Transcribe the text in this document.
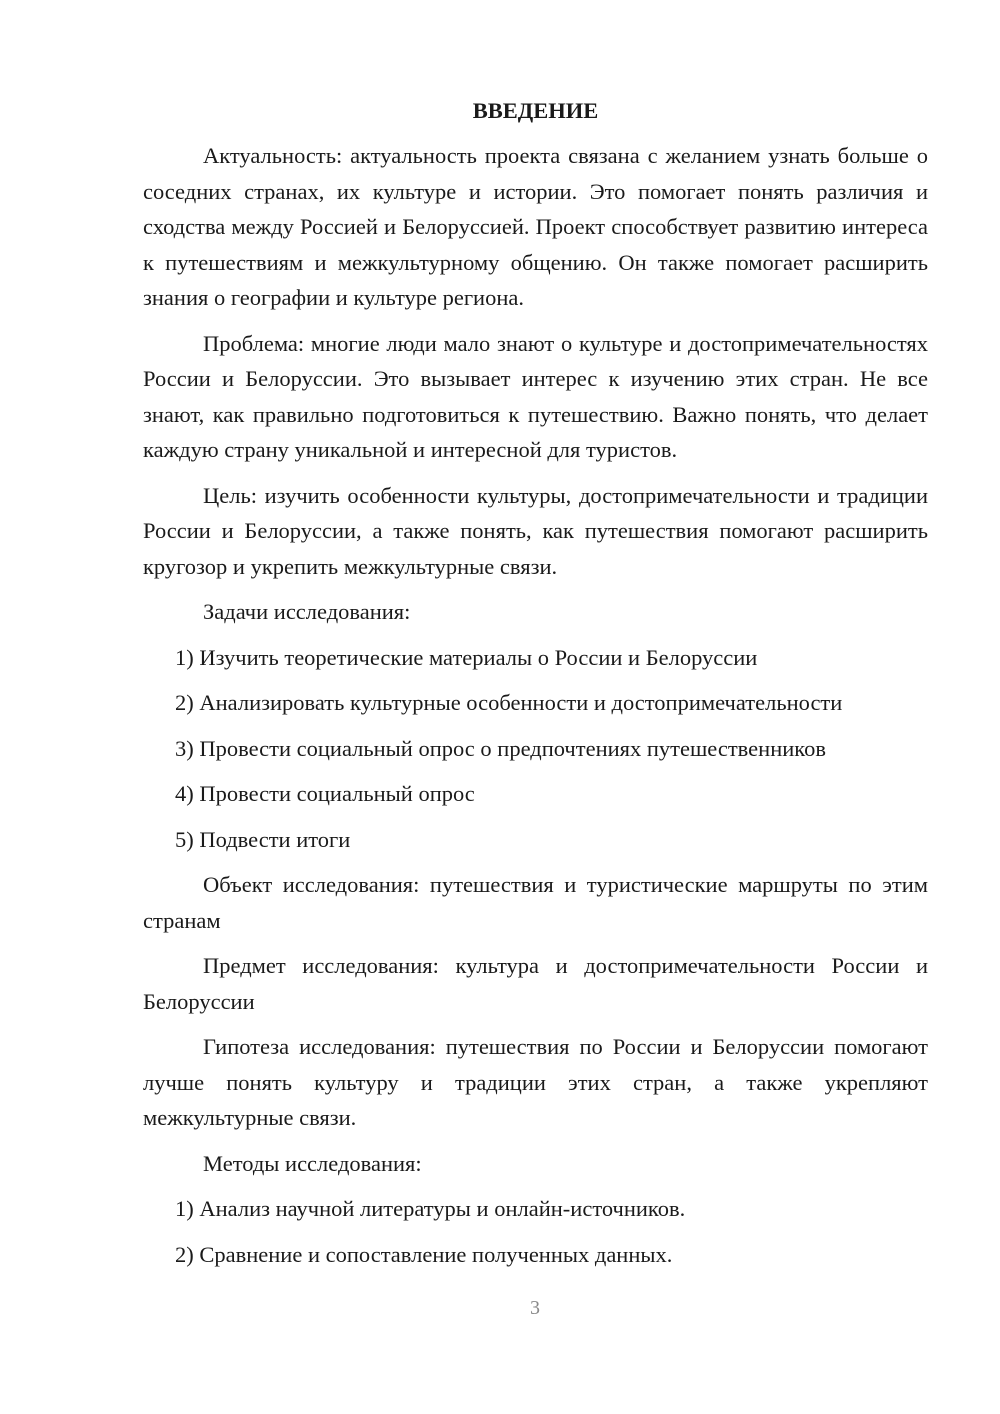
ВВЕДЕНИЕ

Актуальность: актуальность проекта связана с желанием узнать больше о соседних странах, их культуре и истории. Это помогает понять различия и сходства между Россией и Белоруссией. Проект способствует развитию интереса к путешествиям и межкультурному общению. Он также помогает расширить знания о географии и культуре региона.

Проблема: многие люди мало знают о культуре и достопримечательностях России и Белоруссии. Это вызывает интерес к изучению этих стран. Не все знают, как правильно подготовиться к путешествию. Важно понять, что делает каждую страну уникальной и интересной для туристов.

Цель: изучить особенности культуры, достопримечательности и традиции России и Белоруссии, а также понять, как путешествия помогают расширить кругозор и укрепить межкультурные связи.

Задачи исследования:

1) Изучить теоретические материалы о России и Белоруссии

2) Анализировать культурные особенности и достопримечательности

3) Провести социальный опрос о предпочтениях путешественников

4) Провести социальный опрос

5) Подвести итоги

Объект исследования: путешествия и туристические маршруты по этим странам

Предмет исследования: культура и достопримечательности России и Белоруссии

Гипотеза исследования: путешествия по России и Белоруссии помогают лучше понять культуру и традиции этих стран, а также укрепляют межкультурные связи.

Методы исследования:

1) Анализ научной литературы и онлайн-источников.

2) Сравнение и сопоставление полученных данных.

3
